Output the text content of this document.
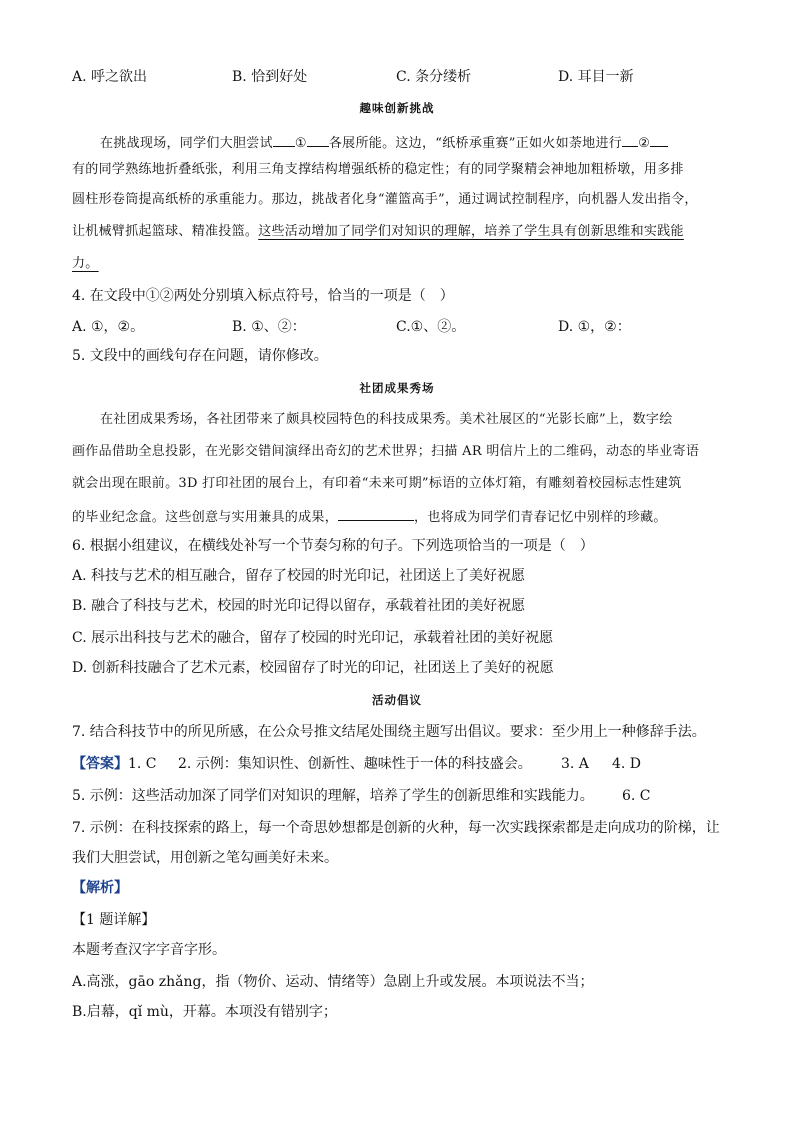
A. 呼之欲出	B. 恰到好处	C. 条分缕析	D. 耳目一新
趣味创新挑战
在挑战现场，同学们大胆尝试 ① 各展所能。这边，“纸桥承重赛”正如火如荼地进行 ②
有的同学熟练地折叠纸张，利用三角支撑结构增强纸桥的稳定性；有的同学聚精会神地加粗桥墩，用多排
圆柱形卷筒提高纸桥的承重能力。那边，挑战者化身“灌篮高手”，通过调试控制程序，向机器人发出指令，
让机械臂抓起篮球、精准投篮。这些活动增加了同学们对知识的理解，培养了学生具有创新思维和实践能
力。
4. 在文段中①②两处分别填入标点符号，恰当的一项是（　）
A. ①，②。	B. ①、②：	C.①、②。	D. ①，②：
5. 文段中的画线句存在问题，请你修改。
社团成果秀场
在社团成果秀场，各社团带来了颇具校园特色的科技成果秀。美术社展区的“光影长廊”上，数字绘
画作品借助全息投影，在光影交错间演绎出奇幻的艺术世界；扫描 AR 明信片上的二维码，动态的毕业寄语
就会出现在眼前。3D 打印社团的展台上，有印着“未来可期”标语的立体灯箱，有雕刻着校园标志性建筑
的毕业纪念盒。这些创意与实用兼具的成果，	，也将成为同学们青春记忆中别样的珍藏。
6. 根据小组建议，在横线处补写一个节奏匀称的句子。下列选项恰当的一项是（　）
A. 科技与艺术的相互融合，留存了校园的时光印记，社团送上了美好祝愿
B. 融合了科技与艺术，校园的时光印记得以留存，承载着社团的美好祝愿
C. 展示出科技与艺术的融合，留存了校园的时光印记，承载着社团的美好祝愿
D. 创新科技融合了艺术元素，校园留存了时光的印记，社团送上了美好的祝愿
活动倡议
7. 结合科技节中的所见所感，在公众号推文结尾处围绕主题写出倡议。要求：至少用上一种修辞手法。
【答案】1. C 2. 示例：集知识性、创新性、趣味性于一体的科技盛会。 3. A 4. D
5. 示例：这些活动加深了同学们对知识的理解，培养了学生的创新思维和实践能力。 6. C
7. 示例：在科技探索的路上，每一个奇思妙想都是创新的火种，每一次实践探索都是走向成功的阶梯，让
我们大胆尝试，用创新之笔勾画美好未来。
【解析】
【1 题详解】
本题考查汉字字音字形。
A.高涨，gāo zhǎng，指（物价、运动、情绪等）急剧上升或发展。本项说法不当；
B.启幕，qǐ mù，开幕。本项没有错别字；
